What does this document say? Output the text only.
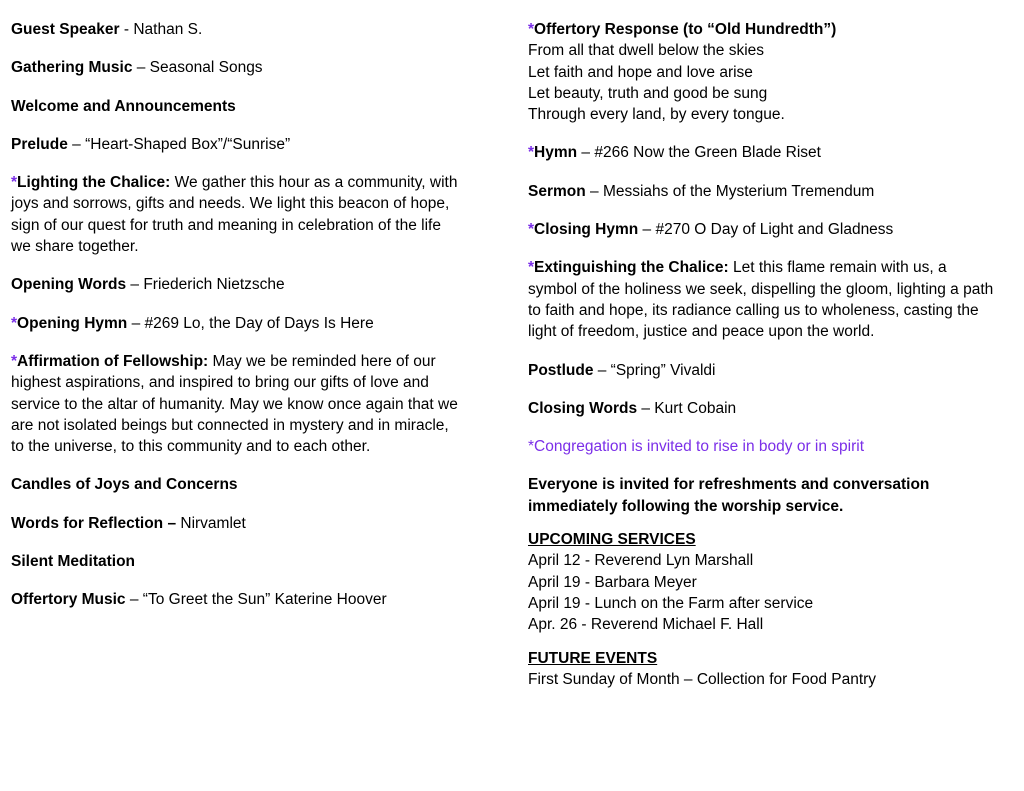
Guest Speaker - Nathan S.
Gathering Music – Seasonal Songs
Welcome and Announcements
Prelude – “Heart-Shaped Box”/“Sunrise”
*Lighting the Chalice: We gather this hour as a community, with joys and sorrows, gifts and needs. We light this beacon of hope, sign of our quest for truth and meaning in celebration of the life we share together.
Opening Words – Friederich Nietzsche
*Opening Hymn – #269 Lo, the Day of Days Is Here
*Affirmation of Fellowship: May we be reminded here of our highest aspirations, and inspired to bring our gifts of love and service to the altar of humanity. May we know once again that we are not isolated beings but connected in mystery and in miracle, to the universe, to this community and to each other.
Candles of Joys and Concerns
Words for Reflection – Nirvamlet
Silent Meditation
Offertory Music – “To Greet the Sun” Katerine Hoover
*Offertory Response (to “Old Hundredth”)
From all that dwell below the skies
Let faith and hope and love arise
Let beauty, truth and good be sung
Through every land, by every tongue.
*Hymn – #266 Now the Green Blade Riset
Sermon – Messiahs of the Mysterium Tremendum
*Closing Hymn – #270 O Day of Light and Gladness
*Extinguishing the Chalice: Let this flame remain with us, a symbol of the holiness we seek, dispelling the gloom, lighting a path to faith and hope, its radiance calling us to wholeness, casting the light of freedom, justice and peace upon the world.
Postlude – “Spring” Vivaldi
Closing Words – Kurt Cobain
*Congregation is invited to rise in body or in spirit
Everyone is invited for refreshments and conversation immediately following the worship service.
UPCOMING SERVICES
April 12 - Reverend Lyn Marshall
April 19 - Barbara Meyer
April 19 - Lunch on the Farm after service
Apr. 26 - Reverend Michael F. Hall
FUTURE EVENTS
First Sunday of Month – Collection for Food Pantry
